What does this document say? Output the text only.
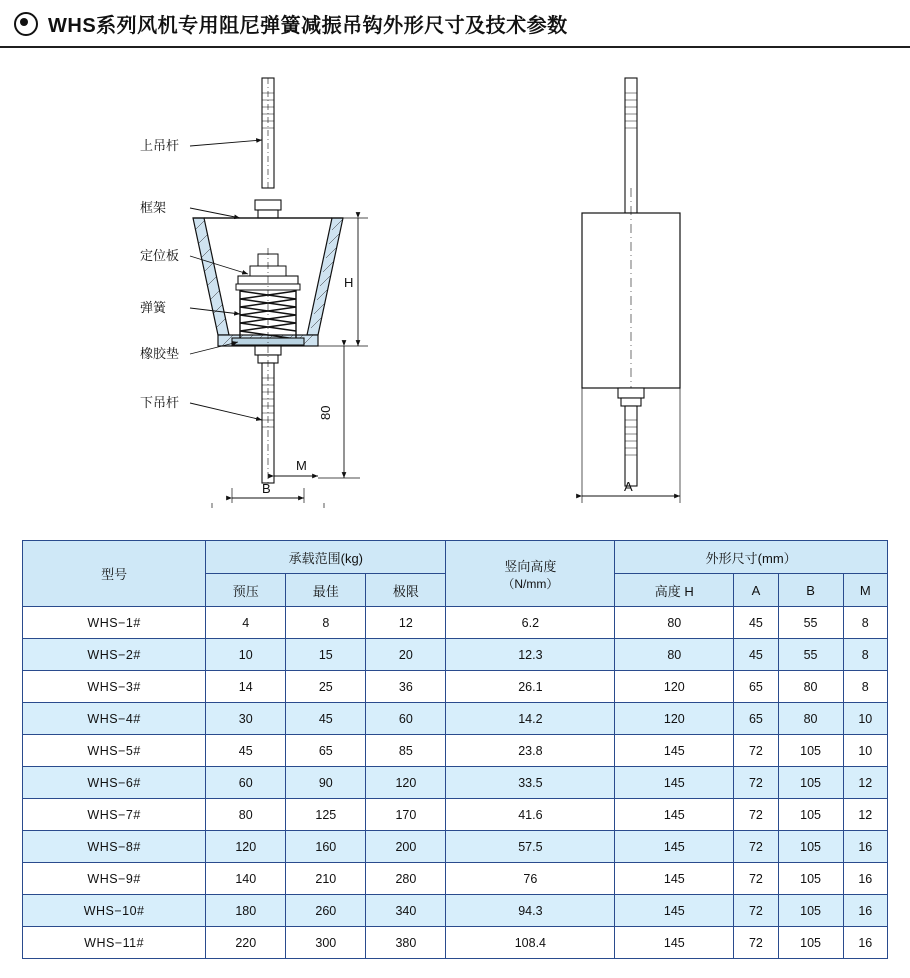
WHS系列风机专用阻尼弹簧减振吊钩外形尺寸及技术参数
上吊杆
框架
定位板
弹簧
橡胶垫
下吊杆
H
80
M
B	A
型号	承载范围(kg)			竖向高度
（N/mm）	外形尺寸(mm）			
	预压	最佳	极限		高度 H	A	B	M
WHS−1#	4	8	12	6.2	80	45	55	8
WHS−2#	10	15	20	12.3	80	45	55	8
WHS−3#	14	25	36	26.1	120	65	80	8
WHS−4#	30	45	60	14.2	120	65	80	10
WHS−5#	45	65	85	23.8	145	72	105	10
WHS−6#	60	90	120	33.5	145	72	105	12
WHS−7#	80	125	170	41.6	145	72	105	12
WHS−8#	120	160	200	57.5	145	72	105	16
WHS−9#	140	210	280	76	145	72	105	16
WHS−10#	180	260	340	94.3	145	72	105	16
WHS−11#	220	300	380	108.4	145	72	105	16
